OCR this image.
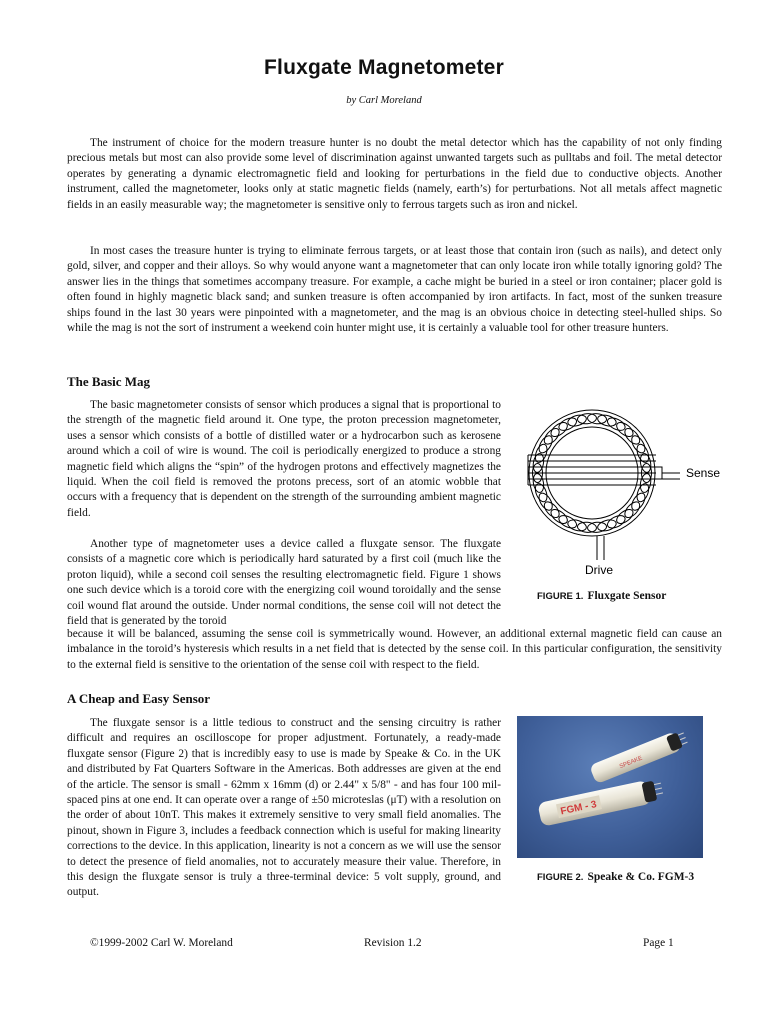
Fluxgate Magnetometer
by Carl Moreland

The instrument of choice for the modern treasure hunter is no doubt the metal detector which has the capability of not only finding precious metals but most can also provide some level of discrimination against unwanted targets such as pulltabs and foil. The metal detector operates by generating a dynamic electromagnetic field and looking for perturbations in the field due to conductive objects. Another instrument, called the magnetometer, looks only at static magnetic fields (namely, earth’s) for perturbations. Not all metals affect magnetic fields in an easily measurable way; the magnetometer is sensitive only to ferrous targets such as iron and nickel.

In most cases the treasure hunter is trying to eliminate ferrous targets, or at least those that contain iron (such as nails), and detect only gold, silver, and copper and their alloys. So why would anyone want a magnetometer that can only locate iron while totally ignoring gold? The answer lies in the things that sometimes accompany treasure. For example, a cache might be buried in a steel or iron container; placer gold is often found in highly magnetic black sand; and sunken treasure is often accompanied by iron artifacts. In fact, most of the sunken treasure ships found in the last 30 years were pinpointed with a magnetometer, and the mag is an obvious choice in detecting steel-hulled ships. So while the mag is not the sort of instrument a weekend coin hunter might use, it is certainly a valuable tool for other treasure hunters.

The Basic Mag

The basic magnetometer consists of sensor which produces a signal that is proportional to the strength of the magnetic field around it. One type, the proton precession magnetometer, uses a sensor which consists of a bottle of distilled water or a hydrocarbon such as kerosene around which a coil of wire is wound. The coil is periodically energized to produce a strong magnetic field which aligns the “spin” of the hydrogen protons and effectively magnetizes the liquid. When the coil field is removed the protons precess, sort of an atomic wobble that occurs with a frequency that is dependent on the strength of the surrounding ambient magnetic field.

Another type of magnetometer uses a device called a fluxgate sensor. The fluxgate consists of a magnetic core which is periodically hard saturated by a first coil (much like the proton liquid), while a second coil senses the resulting electromagnetic field. Figure 1 shows one such device which is a toroid core with the energizing coil wound toroidally and the sense coil wound flat around the outside. Under normal conditions, the sense coil will not detect the field that is generated by the toroid

because it will be balanced, assuming the sense coil is symmetrically wound. However, an additional external magnetic field can cause an imbalance in the toroid’s hysteresis which results in a net field that is detected by the sense coil. In this particular configuration, the sensitivity to the external field is sensitive to the orientation of the sense coil with respect to the field.

Sense
Drive
FIGURE 1. Fluxgate Sensor
A Cheap and Easy Sensor

The fluxgate sensor is a little tedious to construct and the sensing circuitry is rather difficult and requires an oscilloscope for proper adjustment. Fortunately, a ready-made fluxgate sensor (Figure 2) that is incredibly easy to use is made by Speake & Co. in the UK and distributed by Fat Quarters Software in the Americas. Both addresses are given at the end of the article. The sensor is small - 62mm x 16mm (d) or 2.44" x 5/8" - and has four 100 mil-spaced pins at one end. It can operate over a range of ±50 microteslas (μT) with a resolution on the order of about 10nT. This makes it extremely sensitive to very small field anomalies. The pinout, shown in Figure 3, includes a feedback connection which is useful for making linearity corrections to the device. In this application, linearity is not a concern as we will use the sensor to detect the presence of field anomalies, not to accurately measure their value. Therefore, in this design the fluxgate sensor is truly a three-terminal device: 5 volt supply, ground, and output.

SPEAKE
FGM - 3
FIGURE 2. Speake & Co. FGM-3
©1999-2002 Carl W. Moreland	Revision 1.2	Page 1
